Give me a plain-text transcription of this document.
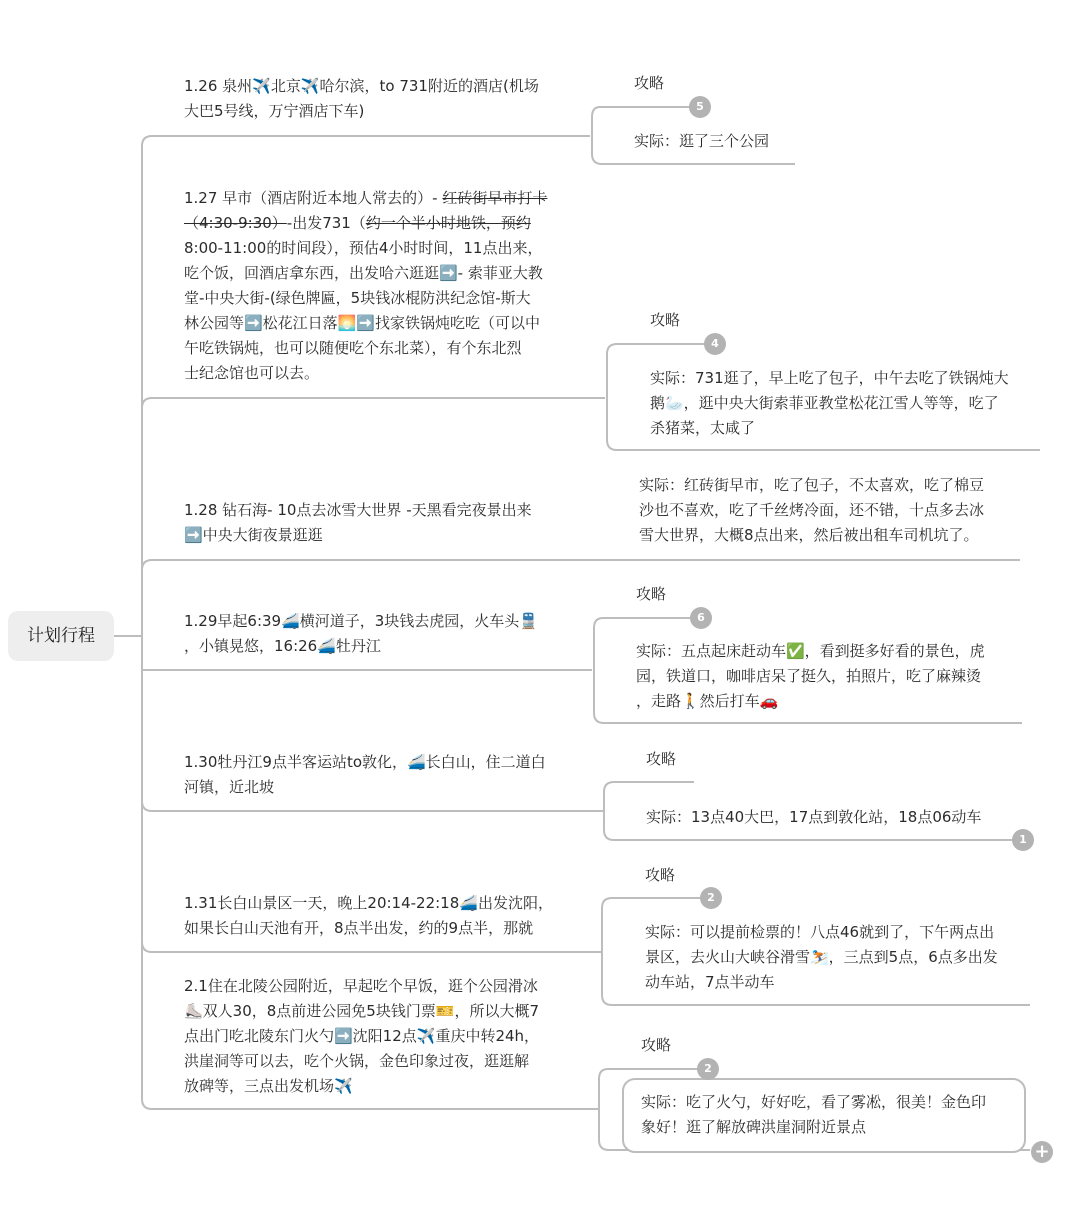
计划行程
1.26 泉州✈️北京✈️哈尔滨，to 731附近的酒店(机场
大巴5号线，万宁酒店下车)
1.27 早市（酒店附近本地人常去的）- 红砖街早市打卡
（4:30-9:30）-出发731（约一个半小时地铁，预约
8:00-11:00的时间段），预估4小时时间，11点出来，
吃个饭，回酒店拿东西，出发哈六逛逛➡️- 索菲亚大教
堂-中央大街-(绿色牌匾，5块钱冰棍防洪纪念馆-斯大
林公园等➡️松花江日落🌅➡️找家铁锅炖吃吃（可以中
午吃铁锅炖，也可以随便吃个东北菜），有个东北烈
士纪念馆也可以去。
1.28 钻石海- 10点去冰雪大世界 -天黑看完夜景出来
➡️中央大街夜景逛逛
1.29早起6:39🚄横河道子，3块钱去虎园，火车头🚆
，小镇晃悠，16:26🚄牡丹江
1.30牡丹江9点半客运站to敦化，🚄长白山，住二道白
河镇，近北坡
1.31长白山景区一天，晚上20:14-22:18🚄出发沈阳，
如果长白山天池有开，8点半出发，约的9点半，那就
2.1住在北陵公园附近，早起吃个早饭，逛个公园滑冰
⛸️双人30，8点前进公园免5块钱门票🎫，所以大概7
点出门吃北陵东门火勺➡️沈阳12点✈️重庆中转24h，
洪崖洞等可以去，吃个火锅，金色印象过夜，逛逛解
放碑等，三点出发机场✈️
攻略
攻略
攻略
攻略
攻略
攻略
5
4
6
1
2
2
实际：逛了三个公园
实际：731逛了，早上吃了包子，中午去吃了铁锅炖大
鹅🦢，逛中央大街索菲亚教堂松花江雪人等等，吃了
杀猪菜，太咸了
实际：红砖街早市，吃了包子，不太喜欢，吃了棉豆
沙也不喜欢，吃了千丝烤冷面，还不错，十点多去冰
雪大世界，大概8点出来，然后被出租车司机坑了。
实际：五点起床赶动车✅，看到挺多好看的景色，虎
园，铁道口，咖啡店呆了挺久，拍照片，吃了麻辣烫
，走路🚶然后打车🚗
实际：13点40大巴，17点到敦化站，18点06动车
实际：可以提前检票的！八点46就到了，下午两点出
景区，去火山大峡谷滑雪⛷️，三点到5点，6点多出发
动车站，7点半动车
实际：吃了火勺，好好吃，看了雾凇，很美！金色印
象好！逛了解放碑洪崖洞附近景点
+
